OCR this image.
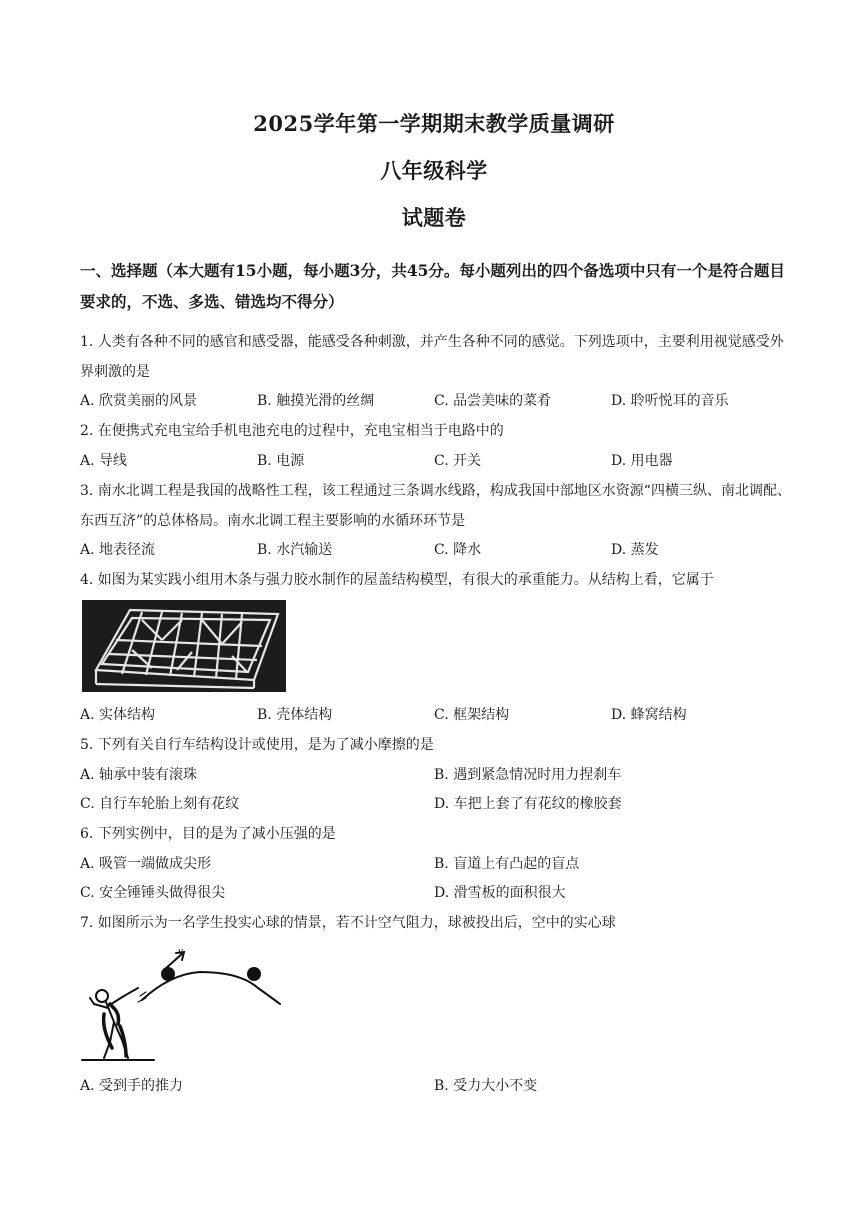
2025学年第一学期期末教学质量调研
八年级科学
试题卷
一、选择题（本大题有15小题，每小题3分，共45分。每小题列出的四个备选项中只有一个是符合题目要求的，不选、多选、错选均不得分）
1. 人类有各种不同的感官和感受器，能感受各种刺激，并产生各种不同的感觉。下列选项中，主要利用视觉感受外界刺激的是
A. 欣赏美丽的风景	B. 触摸光滑的丝绸	C. 品尝美味的菜肴	D. 聆听悦耳的音乐
2. 在便携式充电宝给手机电池充电的过程中，充电宝相当于电路中的
A. 导线	B. 电源	C. 开关	D. 用电器
3. 南水北调工程是我国的战略性工程，该工程通过三条调水线路，构成我国中部地区水资源“四横三纵、南北调配、东西互济”的总体格局。南水北调工程主要影响的水循环环节是
A. 地表径流	B. 水汽输送	C. 降水	D. 蒸发
4. 如图为某实践小组用木条与强力胶水制作的屋盖结构模型，有很大的承重能力。从结构上看，它属于
A. 实体结构	B. 壳体结构	C. 框架结构	D. 蜂窝结构
5. 下列有关自行车结构设计或使用，是为了减小摩擦的是
A. 轴承中装有滚珠	B. 遇到紧急情况时用力捏刹车
C. 自行车轮胎上刻有花纹	D. 车把上套了有花纹的橡胶套
6. 下列实例中，目的是为了减小压强的是
A. 吸管一端做成尖形	B. 盲道上有凸起的盲点
C. 安全锤锤头做得很尖	D. 滑雪板的面积很大
7. 如图所示为一名学生投实心球的情景，若不计空气阻力，球被投出后，空中的实心球
v
A. 受到手的推力	B. 受力大小不变
